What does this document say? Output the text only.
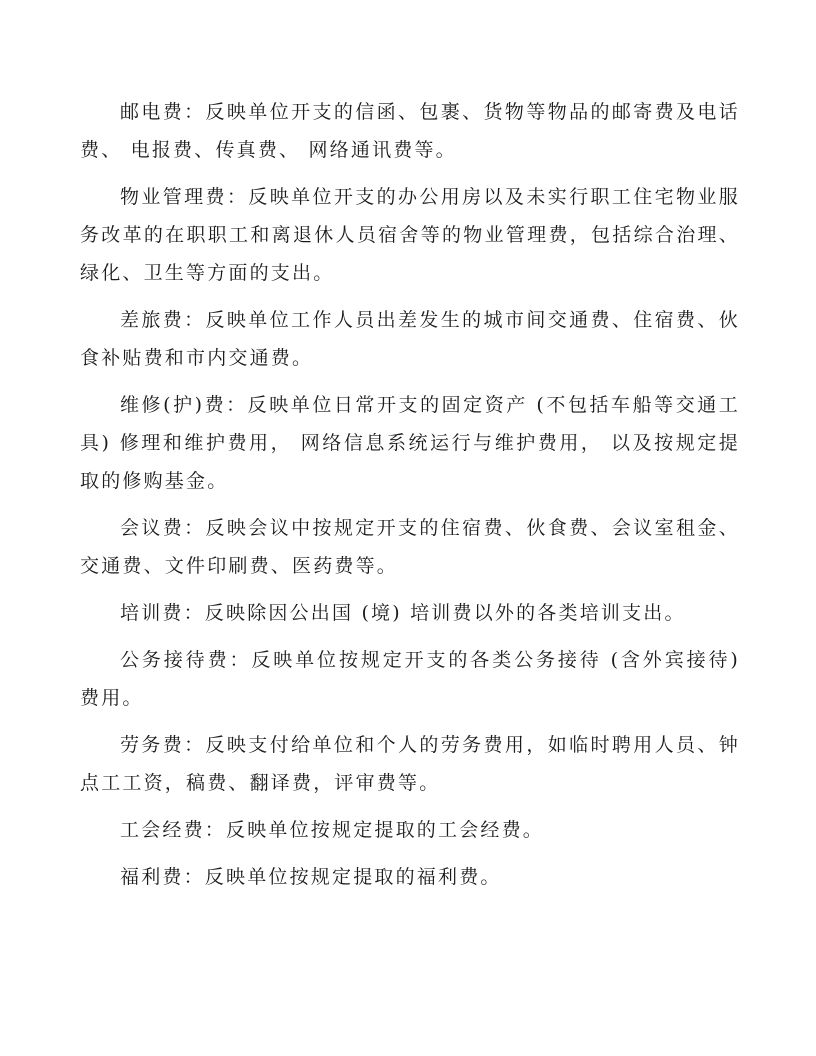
邮电费：反映单位开支的信函、包裹、货物等物品的邮寄费及电话费、 电报费、传真费、 网络通讯费等。

物业管理费：反映单位开支的办公用房以及未实行职工住宅物业服务改革的在职职工和离退休人员宿舍等的物业管理费，包括综合治理、绿化、卫生等方面的支出。

差旅费：反映单位工作人员出差发生的城市间交通费、住宿费、伙食补贴费和市内交通费。

维修(护)费：反映单位日常开支的固定资产 (不包括车船等交通工具) 修理和维护费用， 网络信息系统运行与维护费用， 以及按规定提取的修购基金。

会议费：反映会议中按规定开支的住宿费、伙食费、会议室租金、交通费、文件印刷费、医药费等。

培训费：反映除因公出国 (境) 培训费以外的各类培训支出。

公务接待费：反映单位按规定开支的各类公务接待 (含外宾接待) 费用。

劳务费：反映支付给单位和个人的劳务费用，如临时聘用人员、钟点工工资，稿费、翻译费，评审费等。

工会经费：反映单位按规定提取的工会经费。

福利费：反映单位按规定提取的福利费。
